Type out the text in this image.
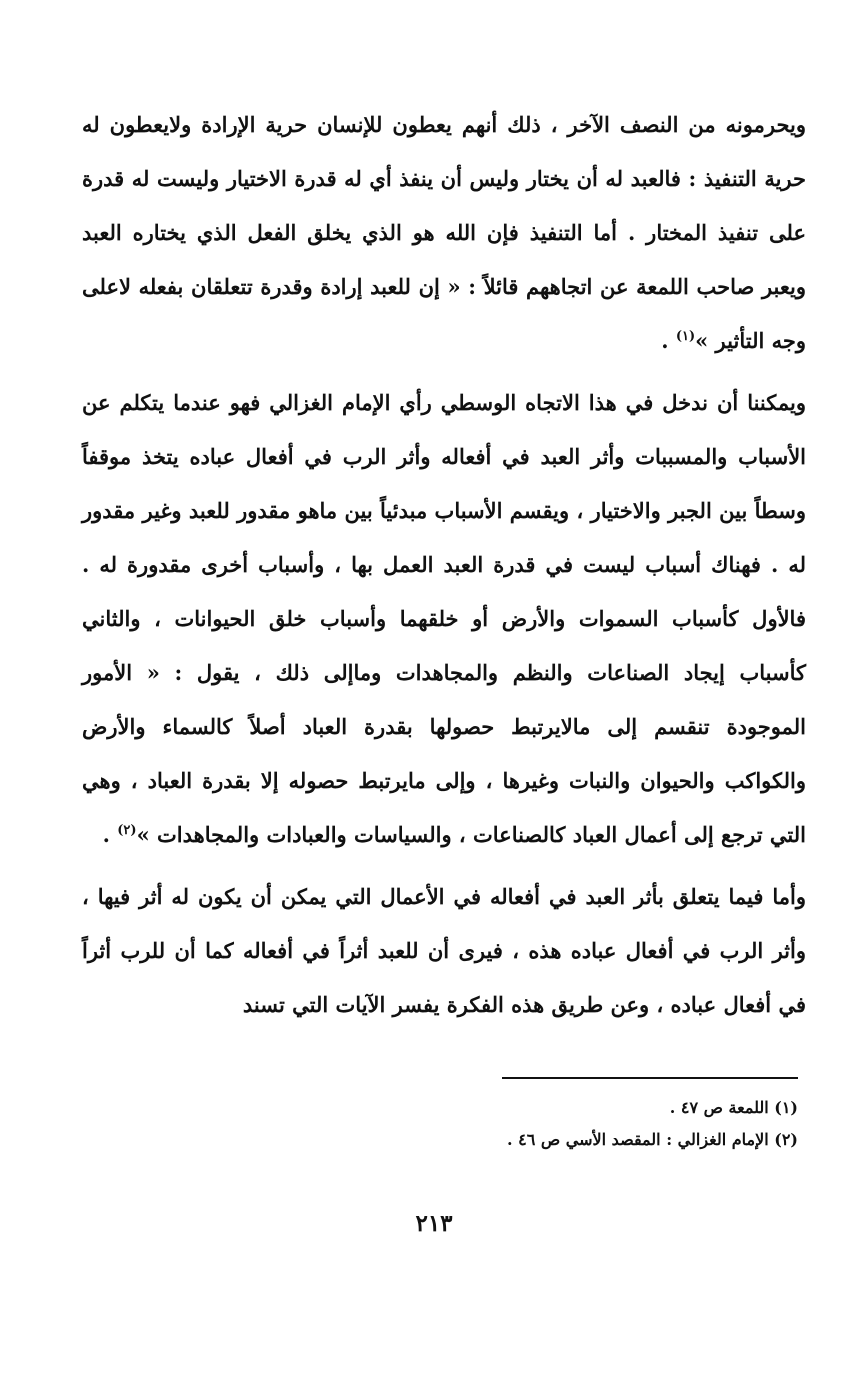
ويحرمونه من النصف الآخر ، ذلك أنهم يعطون للإنسان حرية الإرادة ولايعطون له حرية التنفيذ : فالعبد له أن يختار وليس أن ينفذ أي له قدرة الاختيار وليست له قدرة على تنفيذ المختار . أما التنفيذ فإن الله هو الذي يخلق الفعل الذي يختاره العبد ويعبر صاحب اللمعة عن اتجاههم قائلاً : « إن للعبد إرادة وقدرة تتعلقان بفعله لاعلى وجه التأثير »$^{(١)}$ .

ويمكننا أن ندخل في هذا الاتجاه الوسطي رأي الإمام الغزالي فهو عندما يتكلم عن الأسباب والمسببات وأثر العبد في أفعاله وأثر الرب في أفعال عباده يتخذ موقفاً وسطاً بين الجبر والاختيار ، ويقسم الأسباب مبدئياً بين ماهو مقدور للعبد وغير مقدور له . فهناك أسباب ليست في قدرة العبد العمل بها ، وأسباب أخرى مقدورة له . فالأول كأسباب السموات والأرض أو خلقهما وأسباب خلق الحيوانات ، والثاني كأسباب إيجاد الصناعات والنظم والمجاهدات وماإلى ذلك ، يقول : « الأمور الموجودة تنقسم إلى مالايرتبط حصولها بقدرة العباد أصلاً كالسماء والأرض والكواكب والحيوان والنبات وغيرها ، وإلى مايرتبط حصوله إلا بقدرة العباد ، وهي التي ترجع إلى أعمال العباد كالصناعات ، والسياسات والعبادات والمجاهدات »$^{(٢)}$ .

وأما فيما يتعلق بأثر العبد في أفعاله في الأعمال التي يمكن أن يكون له أثر فيها ، وأثر الرب في أفعال عباده هذه ، فيرى أن للعبد أثراً في أفعاله كما أن للرب أثراً في أفعال عباده ، وعن طريق هذه الفكرة يفسر الآيات التي تسند

(١) اللمعة ص ٤٧ .

(٢) الإمام الغزالي : المقصد الأسي ص ٤٦ .

٢١٣
